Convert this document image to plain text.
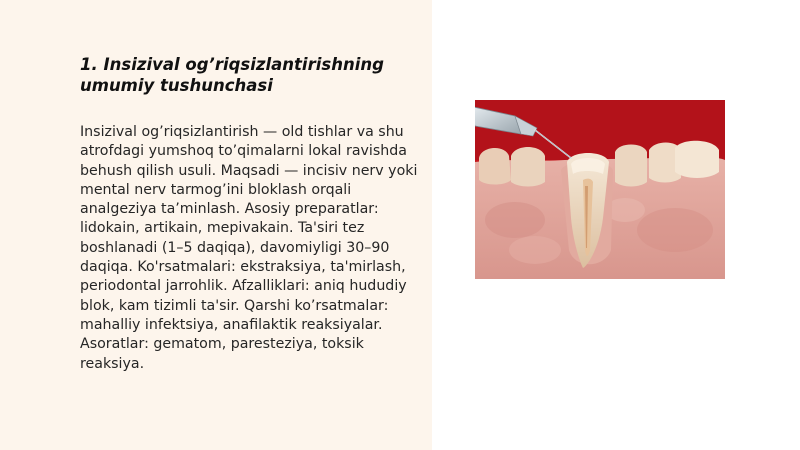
1. Insizival og’riqsizlantirishning umumiy tushunchasi

Insizival og’riqsizlantirish — old tishlar va shu atrofdagi yumshoq to’qimalarni lokal ravishda behush qilish usuli. Maqsadi — incisiv nerv yoki mental nerv tarmog’ini bloklash orqali analgeziya ta’minlash. Asosiy preparatlar: lidokain, artikain, mepivakain. Ta'siri tez boshlanadi (1–5 daqiqa), davomiyligi 30–90 daqiqa. Ko'rsatmalari: ekstraksiya, ta'mirlash, periodontal jarrohlik. Afzalliklari: aniq hududiy blok, kam tizimli ta'sir. Qarshi ko’rsatmalar: mahalliy infektsiya, anafilaktik reaksiyalar. Asoratlar: gematom, paresteziya, toksik reaksiya.
